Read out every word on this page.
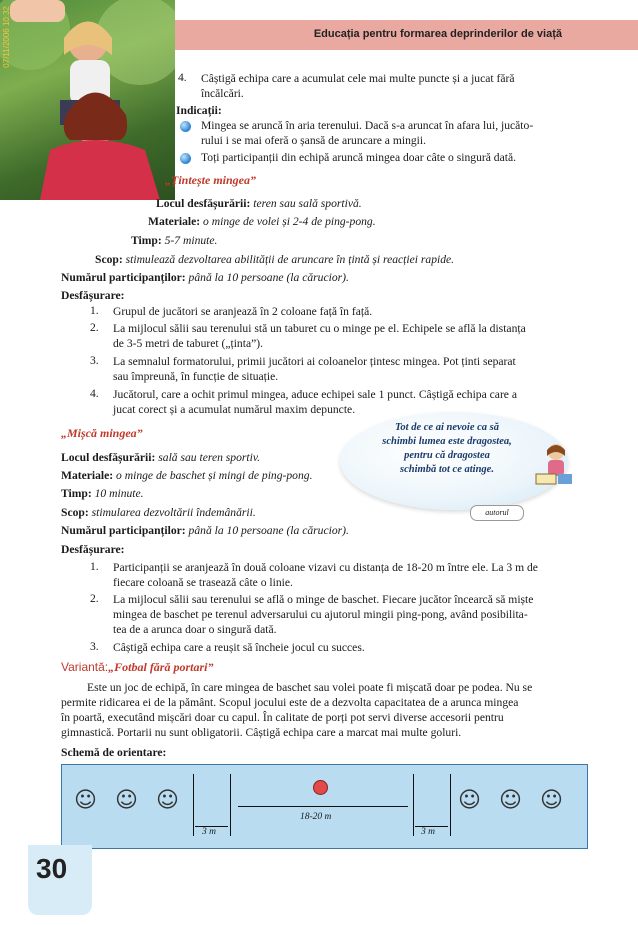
Educația pentru formarea deprinderilor de viață
07/11/2006 10:32
4. Câștigă echipa care a acumulat cele mai multe puncte și a jucat fără
încălcări.
Indicații:
Mingea se aruncă în aria terenului. Dacă s-a aruncat în afara lui, jucăto-
rului i se mai oferă o șansă de aruncare a mingii.
Toți participanții din echipă aruncă mingea doar câte o singură dată.
„Țintește mingea”
Locul desfășurării: teren sau sală sportivă.
Materiale: o minge de volei și 2-4 de ping-pong.
Timp: 5-7 minute.
Scop: stimulează dezvoltarea abilității de aruncare în țintă și reacției rapide.
Numărul participanților: până la 10 persoane (la cărucior).
Desfășurare:
1. Grupul de jucători se aranjează în 2 coloane față în față.
2. La mijlocul sălii sau terenului stă un taburet cu o minge pe el. Echipele se află la distanța
de 3-5 metri de taburet („ținta”).
3. La semnalul formatorului, primii jucători ai coloanelor țintesc mingea. Pot ținti separat
sau împreună, în funcție de situație.
4. Jucătorul, care a ochit primul mingea, aduce echipei sale 1 punct. Câștigă echipa care a
jucat corect și a acumulat numărul maxim depuncte.
Tot de ce ai nevoie ca să
schimbi lumea este dragostea,
pentru că dragostea
schimbă tot ce atinge.
autorul
„Mișcă mingea”
Locul desfășurării: sală sau teren sportiv.
Materiale: o minge de baschet și mingi de ping-pong.
Timp: 10 minute.
Scop: stimularea dezvoltării îndemânării.
Numărul participanților: până la 10 persoane (la cărucior).
Desfășurare:
1. Participanții se aranjează în două coloane vizavi cu distanța de 18-20 m între ele. La 3 m de
fiecare coloană se trasează câte o linie.
2. La mijlocul sălii sau terenului se află o minge de baschet. Fiecare jucător încearcă să miște
mingea de baschet pe terenul adversarului cu ajutorul mingii ping-pong, având posibilita-
tea de a arunca doar o singură dată.
3. Câștigă echipa care a reușit să încheie jocul cu succes.
Variantă:„Fotbal fără portari”
Este un joc de echipă, în care mingea de baschet sau volei poate fi mișcată doar pe podea. Nu se
permite ridicarea ei de la pământ. Scopul jocului este de a dezvolta capacitatea de a arunca mingea
în poartă, executând mișcări doar cu capul. În calitate de porți pot servi diverse accesorii pentru
gimnastică. Portarii nu sunt obligatorii. Câștigă echipa care a marcat mai multe goluri.
Schemă de orientare:
☺ ☺ ☺	☺ ☺ ☺
18-20 m
3 m	3 m
30
